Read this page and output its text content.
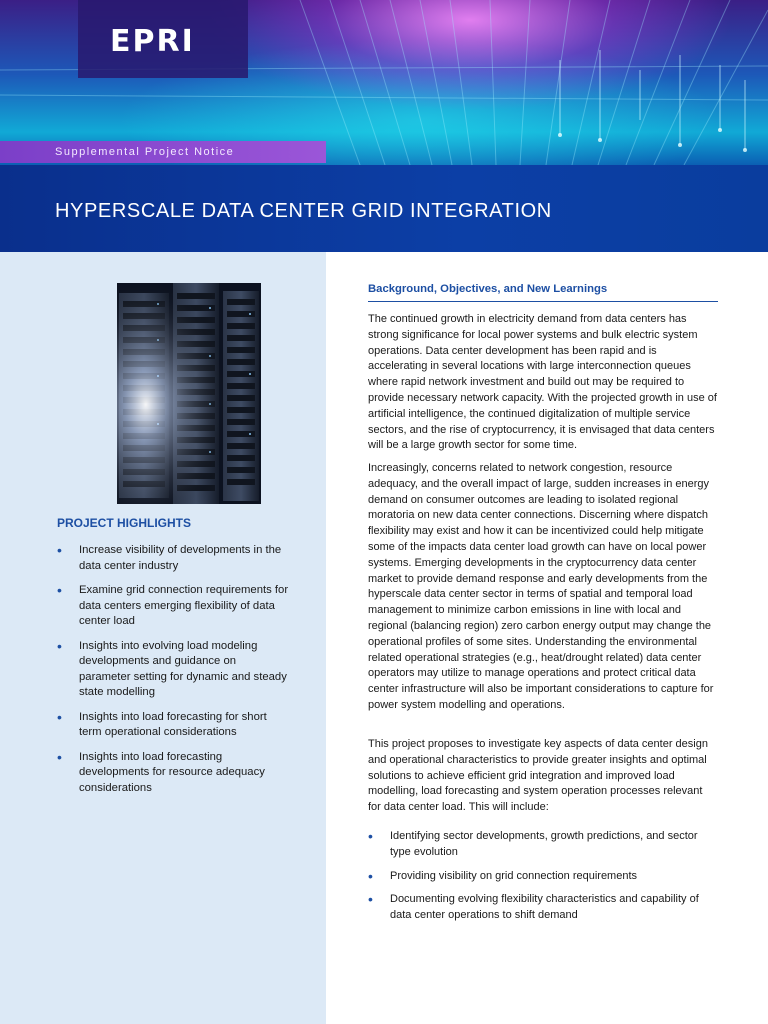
EPRI
Supplemental Project Notice
HYPERSCALE DATA CENTER GRID INTEGRATION
PROJECT HIGHLIGHTS
• Increase visibility of developments in the data center industry
• Examine grid connection requirements for data centers emerging flexibility of data center load
• Insights into evolving load modeling developments and guidance on parameter setting for dynamic and steady state modelling
• Insights into load forecasting for short term operational considerations
• Insights into load forecasting developments for resource adequacy considerations
Background, Objectives, and New Learnings

The continued growth in electricity demand from data centers has strong significance for local power systems and bulk electric system operations. Data center development has been rapid and is accelerating in several locations with large interconnection queues where rapid network investment and build out may be required to provide necessary network capacity. With the projected growth in use of artificial intelligence, the continued digitalization of multiple service sectors, and the rise of cryptocurrency, it is envisaged that data centers will be a large growth sector for some time.

Increasingly, concerns related to network congestion, resource adequacy, and the overall impact of large, sudden increases in energy demand on consumer outcomes are leading to isolated regional moratoria on new data center connections. Discerning where dispatch flexibility may exist and how it can be incentivized could help mitigate some of the impacts data center load growth can have on local power systems. Emerging developments in the cryptocurrency data center market to provide demand response and early developments from the hyperscale data center sector in terms of spatial and temporal load management to minimize carbon emissions in line with local and regional (balancing region) zero carbon energy output may change the operational profiles of some sites. Understanding the environmental related operational strategies (e.g., heat/drought related) data center operators may utilize to manage operations and protect critical data center infrastructure will also be important considerations to capture for power system modelling and operations.

This project proposes to investigate key aspects of data center design and operational characteristics to provide greater insights and optimal solutions to achieve efficient grid integration and improved load modelling, load forecasting and system operation processes relevant for data center load. This will include:

• Identifying sector developments, growth predictions, and sector type evolution
• Providing visibility on grid connection requirements
• Documenting evolving flexibility characteristics and capability of data center operations to shift demand
